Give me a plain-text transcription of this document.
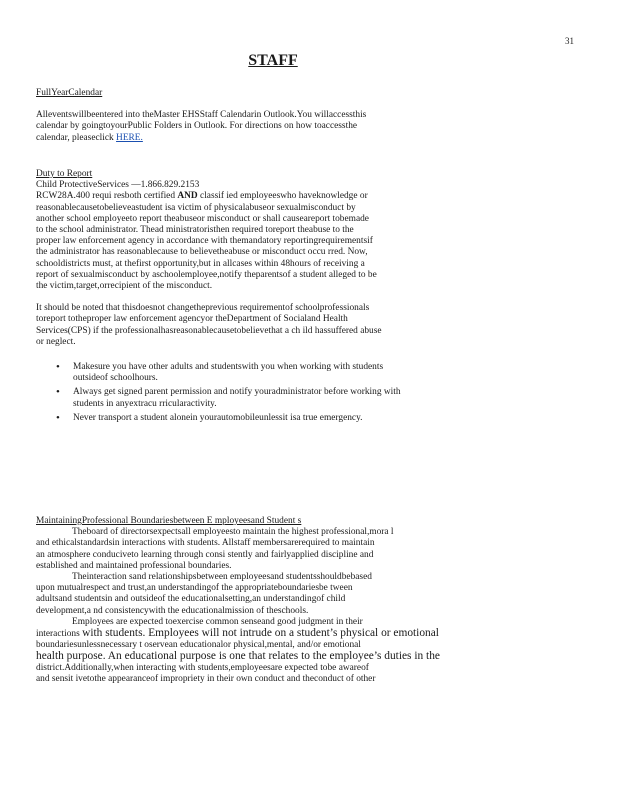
31
STAFF
FullYearCalendar

Alleventswillbeentered into theMaster EHSStaff Calendarin Outlook.You willaccessthis

calendar by goingtoyourPublic Folders in Outlook. For directions on how toaccessthe

calendar, pleaseclick HERE.

Duty to Report

Child ProtectiveServices —1.866.829.2153

RCW28A.400 requi resboth certified AND classif ied employeeswho haveknowledge or

reasonablecausetobelieveastudent isa victim of physicalabuseor sexualmisconduct by

another school employeeto report theabuseor misconduct or shall causeareport tobemade

to the school administrator. Thead ministratoristhen required toreport theabuse to the

proper law enforcement agency in accordance with themandatory reportingrequirementsif

the administrator has reasonablecause to believetheabuse or misconduct occu rred. Now,

schooldistricts must, at thefirst opportunity,but in allcases within 48hours of receiving a

report of sexualmisconduct by aschoolemployee,notify theparentsof a student alleged to be

the victim,target,orrecipient of the misconduct.

It should be noted that thisdoesnot changetheprevious requirementof schoolprofessionals

toreport totheproper law enforcement agencyor theDepartment of Socialand Health

Services(CPS) if the professionalhasreasonablecausetobelievethat a ch ild hassuffered abuse

or neglect.

• Makesure you have other adults and studentswith you when working with students
outsideof schoolhours.
• Always get signed parent permission and notify youradministrator before working with
students in anyextracu rricularactivity.
• Never transport a student alonein yourautomobileunlessit isa true emergency.
MaintainingProfessional Boundariesbetween E mployeesand Student s

Theboard of directorsexpectsall employeesto maintain the highest professional,mora l

and ethicalstandardsin interactions with students. Allstaff membersarerequired to maintain

an atmosphere conduciveto learning through consi stently and fairlyapplied discipline and

established and maintained professional boundaries.

Theinteraction sand relationshipsbetween employeesand studentsshouldbebased

upon mutualrespect and trust,an understandingof the appropriateboundariesbe tween

adultsand studentsin and outsideof the educationalsetting,an understandingof child

development,a nd consistencywith the educationalmission of theschools.

Employees are expected toexercise common senseand good judgment in their

interactions with students. Employees will not intrude on a student’s physical or emotional

boundariesunlessnecessary t oservean educationalor physical,mental, and/or emotional

health purpose. An educational purpose is one that relates to the employee’s duties in the

district.Additionally,when interacting with students,employeesare expected tobe awareof

and sensit ivetothe appearanceof impropriety in their own conduct and theconduct of other
